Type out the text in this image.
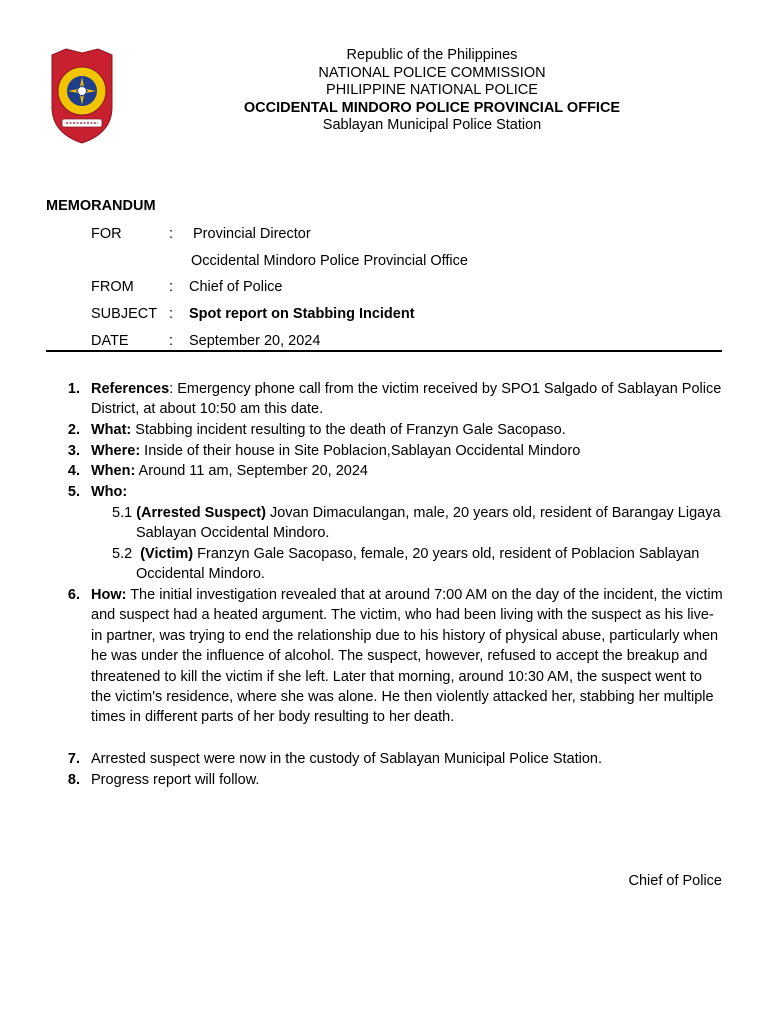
Republic of the Philippines
NATIONAL POLICE COMMISSION
PHILIPPINE NATIONAL POLICE
OCCIDENTAL MINDORO POLICE PROVINCIAL OFFICE
Sablayan Municipal Police Station
MEMORANDUM
FOR	: Provincial Director
Occidental Mindoro Police Provincial Office
FROM : Chief of Police
SUBJECT : Spot report on Stabbing Incident
DATE	: September 20, 2024
1. References: Emergency phone call from the victim received by SPO1 Salgado of Sablayan Police District, at about 10:50 am this date.
2. What: Stabbing incident resulting to the death of Franzyn Gale Sacopaso.
3. Where: Inside of their house in Site Poblacion,Sablayan Occidental Mindoro
4. When: Around 11 am, September 20, 2024
5. Who:
5.1 (Arrested Suspect) Jovan Dimaculangan, male, 20 years old, resident of Barangay Ligaya Sablayan Occidental Mindoro.
5.2  (Victim) Franzyn Gale Sacopaso, female, 20 years old, resident of Poblacion Sablayan Occidental Mindoro.
6. How: The initial investigation revealed that at around 7:00 AM on the day of the incident, the victim and suspect had a heated argument. The victim, who had been living with the suspect as his live-in partner, was trying to end the relationship due to his history of physical abuse, particularly when he was under the influence of alcohol. The suspect, however, refused to accept the breakup and threatened to kill the victim if she left. Later that morning, around 10:30 AM, the suspect went to the victim's residence, where she was alone. He then violently attacked her, stabbing her multiple times in different parts of her body resulting to her death.
7. Arrested suspect were now in the custody of Sablayan Municipal Police Station.
8. Progress report will follow.
Chief of Police
